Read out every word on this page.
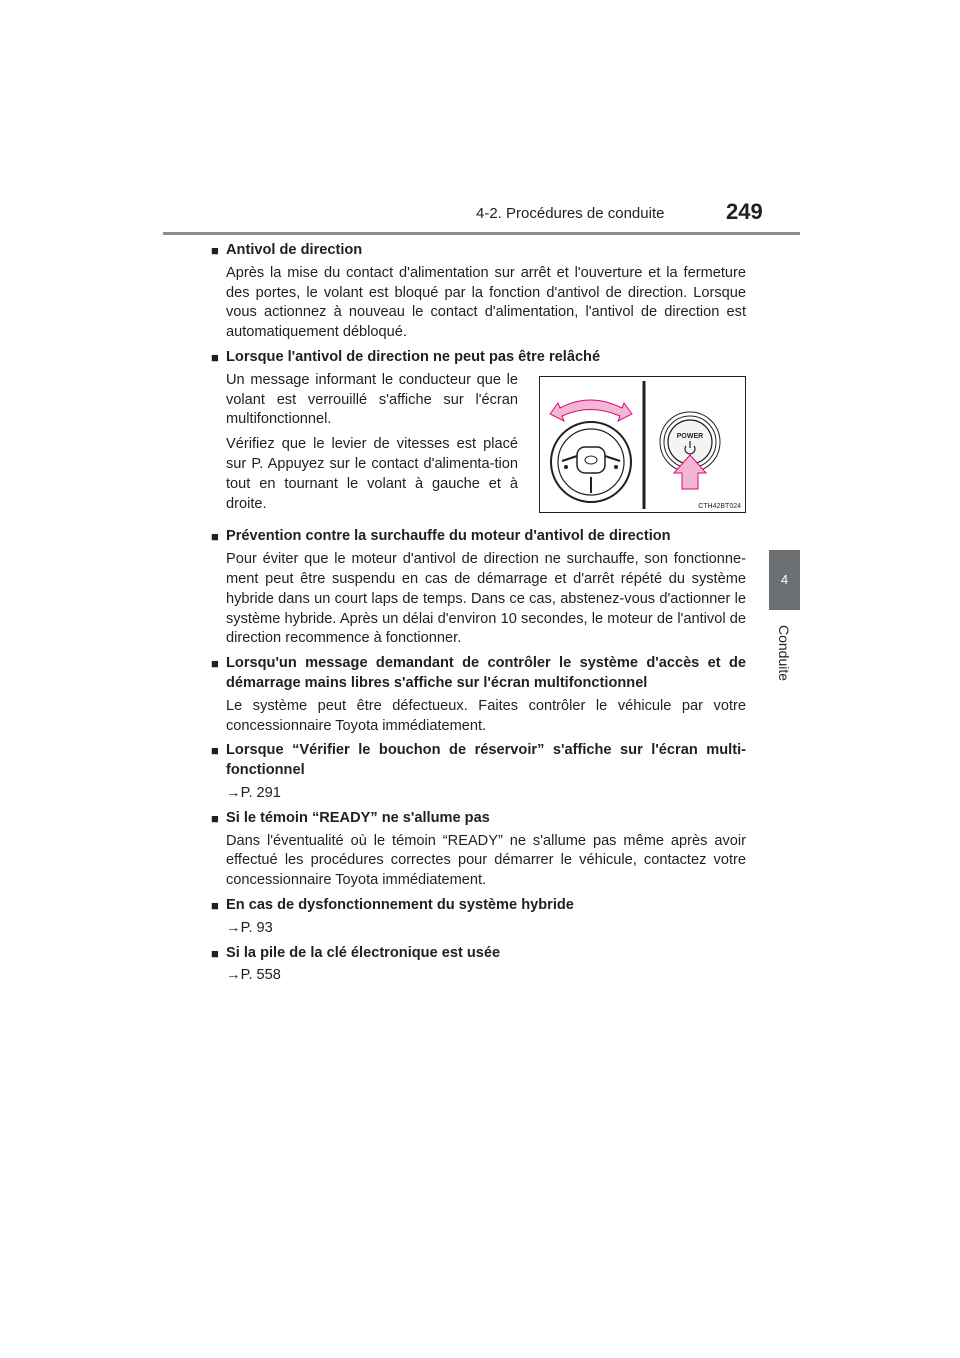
4-2. Procédures de conduite	249
4
Conduite
■ Antivol de direction
Après la mise du contact d'alimentation sur arrêt et l'ouverture et la fermeture des portes, le volant est bloqué par la fonction d'antivol de direction. Lorsque vous actionnez à nouveau le contact d'alimentation, l'antivol de direction est automatiquement débloqué.
■ Lorsque l'antivol de direction ne peut pas être relâché

Un message informant le conducteur que le volant est verrouillé s'affiche sur l'écran multifonctionnel.

Vérifiez que le levier de vitesses est placé sur P. Appuyez sur le contact d'alimenta-tion tout en tournant le volant à gauche et à droite.

POWER
CTH42BT024
■ Prévention contre la surchauffe du moteur d'antivol de direction
Pour éviter que le moteur d'antivol de direction ne surchauffe, son fonctionne-ment peut être suspendu en cas de démarrage et d'arrêt répété du système hybride dans un court laps de temps. Dans ce cas, abstenez-vous d'actionner le système hybride. Après un délai d'environ 10 secondes, le moteur de l'antivol de direction recommence à fonctionner.
■ Lorsqu'un message demandant de contrôler le système d'accès et de démarrage mains libres s'affiche sur l'écran multifonctionnel
Le système peut être défectueux. Faites contrôler le véhicule par votre concessionnaire Toyota immédiatement.
■ Lorsque “Vérifier le bouchon de réservoir” s'affiche sur l'écran multi-fonctionnel
→P. 291
■ Si le témoin “READY” ne s'allume pas
Dans l'éventualité où le témoin “READY” ne s'allume pas même après avoir effectué les procédures correctes pour démarrer le véhicule, contactez votre concessionnaire Toyota immédiatement.
■ En cas de dysfonctionnement du système hybride
→P. 93
■ Si la pile de la clé électronique est usée
→P. 558
